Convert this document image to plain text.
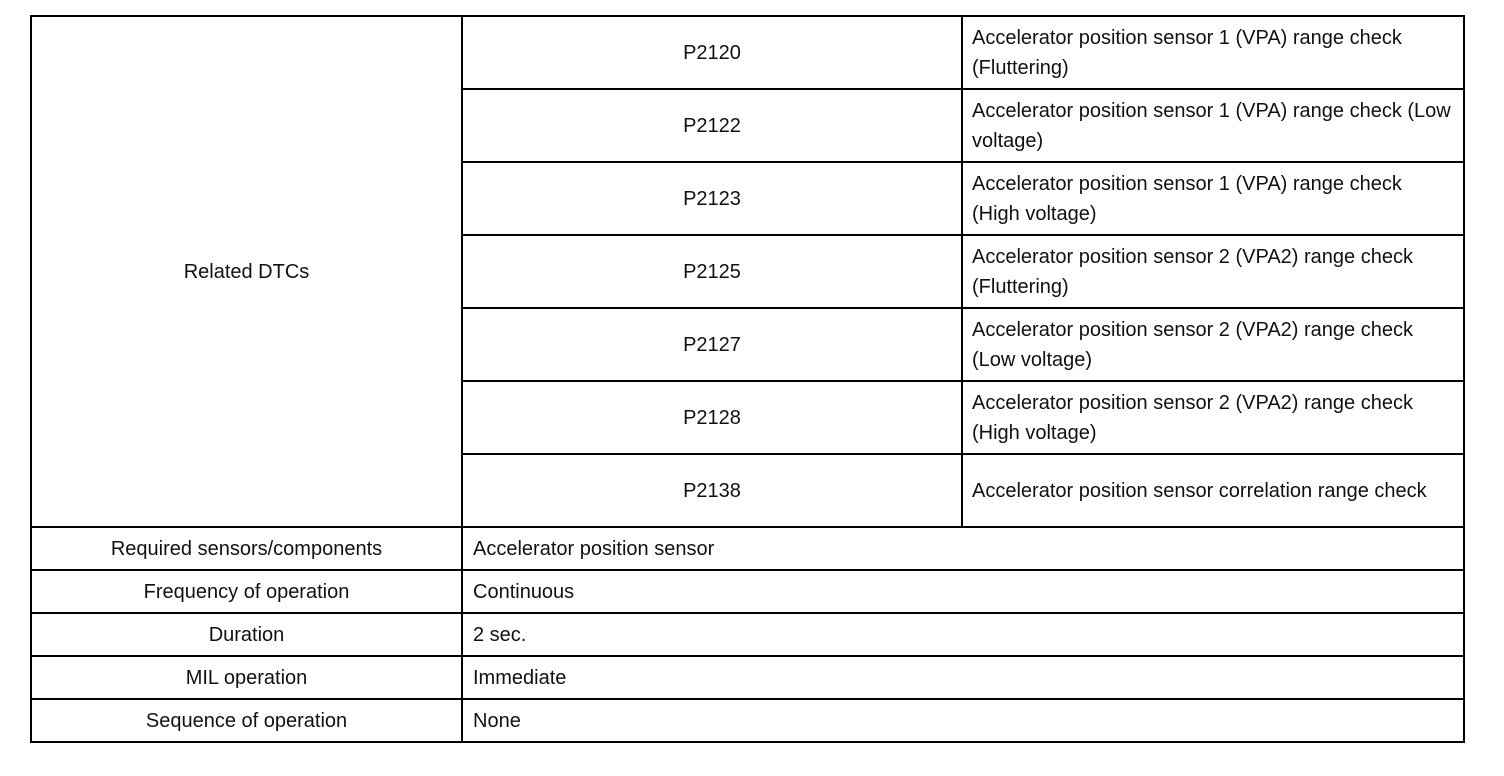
Related DTCs	P2120	Accelerator position sensor 1 (VPA) range check (Fluttering)
	P2122	Accelerator position sensor 1 (VPA) range check (Low voltage)
	P2123	Accelerator position sensor 1 (VPA) range check (High voltage)
	P2125	Accelerator position sensor 2 (VPA2) range check (Fluttering)
	P2127	Accelerator position sensor 2 (VPA2) range check (Low voltage)
	P2128	Accelerator position sensor 2 (VPA2) range check (High voltage)
	P2138	Accelerator position sensor correlation range check
Required sensors/components	Accelerator position sensor	
Frequency of operation	Continuous	
Duration	2 sec.	
MIL operation	Immediate	
Sequence of operation	None	
